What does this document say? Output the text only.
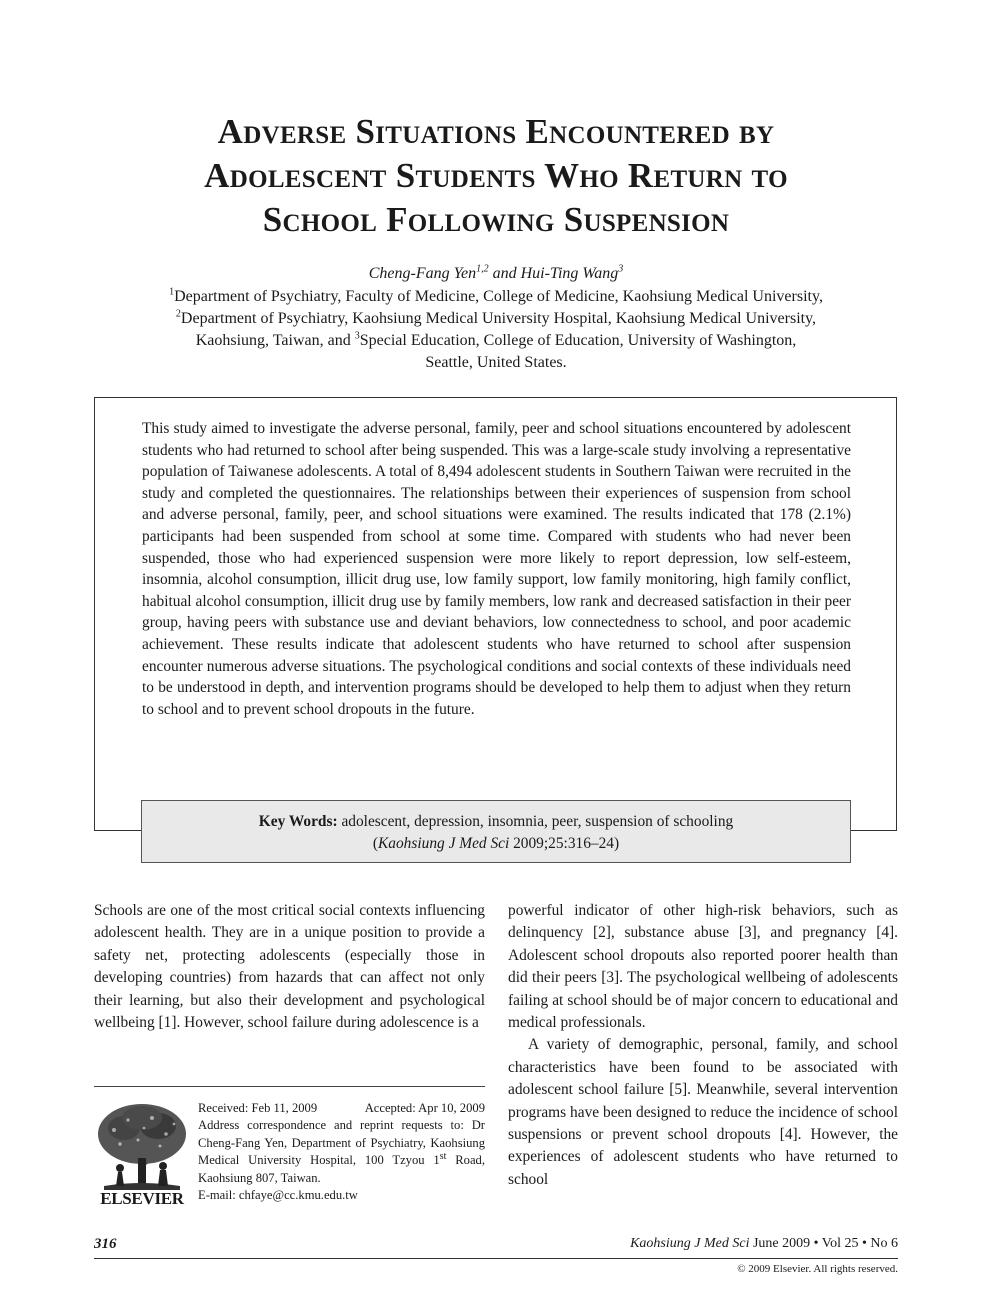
Adverse Situations Encountered by
Adolescent Students Who Return to
School Following Suspension
Cheng-Fang Yen$^{1,2}$ and Hui-Ting Wang$^3$
$^1$Department of Psychiatry, Faculty of Medicine, College of Medicine, Kaohsiung Medical University,
$^2$Department of Psychiatry, Kaohsiung Medical University Hospital, Kaohsiung Medical University,
Kaohsiung, Taiwan, and $^3$Special Education, College of Education, University of Washington,
Seattle, United States.

This study aimed to investigate the adverse personal, family, peer and school situations encountered by adolescent students who had returned to school after being suspended. This was a large-scale study involving a representative population of Taiwanese adolescents. A total of 8,494 adolescent students in Southern Taiwan were recruited in the study and completed the questionnaires. The relationships between their experiences of suspension from school and adverse personal, family, peer, and school situations were examined. The results indicated that 178 (2.1%) participants had been suspended from school at some time. Compared with students who had never been suspended, those who had experienced suspension were more likely to report depression, low self-esteem, insomnia, alcohol consumption, illicit drug use, low family support, low family monitoring, high family conflict, habitual alcohol consumption, illicit drug use by family members, low rank and decreased satisfaction in their peer group, having peers with substance use and deviant behaviors, low connectedness to school, and poor academic achievement. These results indicate that adolescent students who have returned to school after suspension encounter numerous adverse situations. The psychological conditions and social contexts of these individuals need to be understood in depth, and intervention programs should be developed to help them to adjust when they return to school and to prevent school dropouts in the future.

Key Words: adolescent, depression, insomnia, peer, suspension of schooling
(Kaohsiung J Med Sci 2009;25:316–24)

Schools are one of the most critical social contexts influencing adolescent health. They are in a unique position to provide a safety net, protecting adolescents (especially those in developing countries) from hazards that can affect not only their learning, but also their development and psychological wellbeing [1]. However, school failure during adolescence is a

powerful indicator of other high-risk behaviors, such as delinquency [2], substance abuse [3], and pregnancy [4]. Adolescent school dropouts also reported poorer health than did their peers [3]. The psychological wellbeing of adolescents failing at school should be of major concern to educational and medical professionals.

A variety of demographic, personal, family, and school characteristics have been found to be associated with adolescent school failure [5]. Meanwhile, several intervention programs have been designed to reduce the incidence of school suspensions or prevent school dropouts [4]. However, the experiences of adolescent students who have returned to school

ELSEVIER
Received: Feb 11, 2009	Accepted: Apr 10, 2009
Address correspondence and reprint requests to: Dr Cheng-Fang Yen, Department of Psychiatry, Kaohsiung Medical University Hospital, 100 Tzyou 1st Road, Kaohsiung 807, Taiwan.
E-mail: chfaye@cc.kmu.edu.tw
316	Kaohsiung J Med Sci June 2009 • Vol 25 • No 6
© 2009 Elsevier. All rights reserved.
